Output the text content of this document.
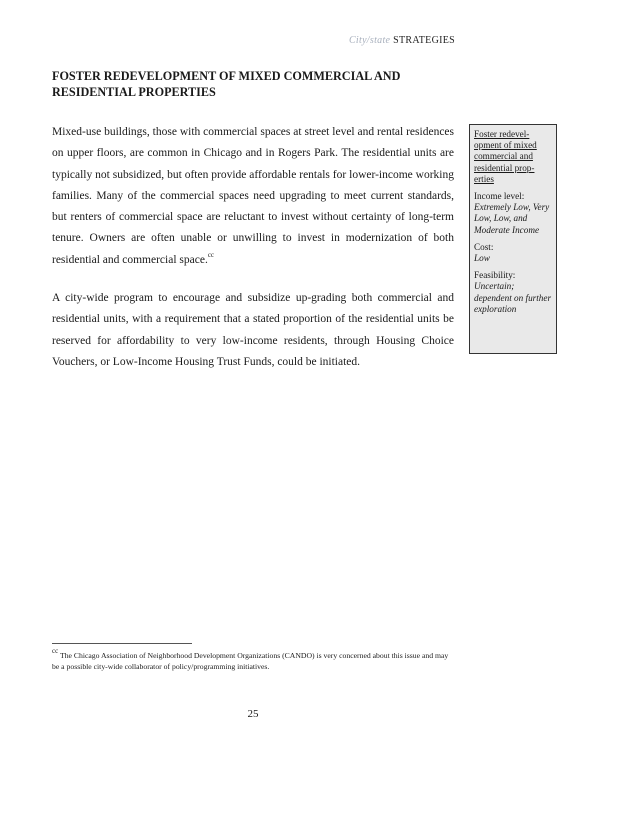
City/state STRATEGIES
FOSTER REDEVELOPMENT OF MIXED COMMERCIAL AND
RESIDENTIAL PROPERTIES
Mixed-use buildings, those with commercial spaces at street level and rental residences on upper floors, are common in Chicago and in Rogers Park. The residential units are typically not subsidized, but often provide affordable rentals for lower-income working families. Many of the commercial spaces need upgrading to meet current standards, but renters of commercial space are reluctant to invest without certainty of long-term tenure. Owners are often unable or unwilling to invest in modernization of both residential and commercial space.$^{cc}$
A city-wide program to encourage and subsidize up-grading both commercial and residential units, with a requirement that a stated proportion of the residential units be reserved for affordability to very low-income residents, through Housing Choice Vouchers, or Low-Income Housing Trust Funds, could be initiated.
Foster redevel-opment of mixed commercial and residential prop-erties
Income level:
Extremely Low, Very Low, Low, and Moderate Income
Cost:
Low
Feasibility:
Uncertain; dependent on further exploration
$^{cc}$ The Chicago Association of Neighborhood Development Organizations (CANDO) is very concerned about this issue and may be a possible city-wide collaborator of policy/programming initiatives.
25
